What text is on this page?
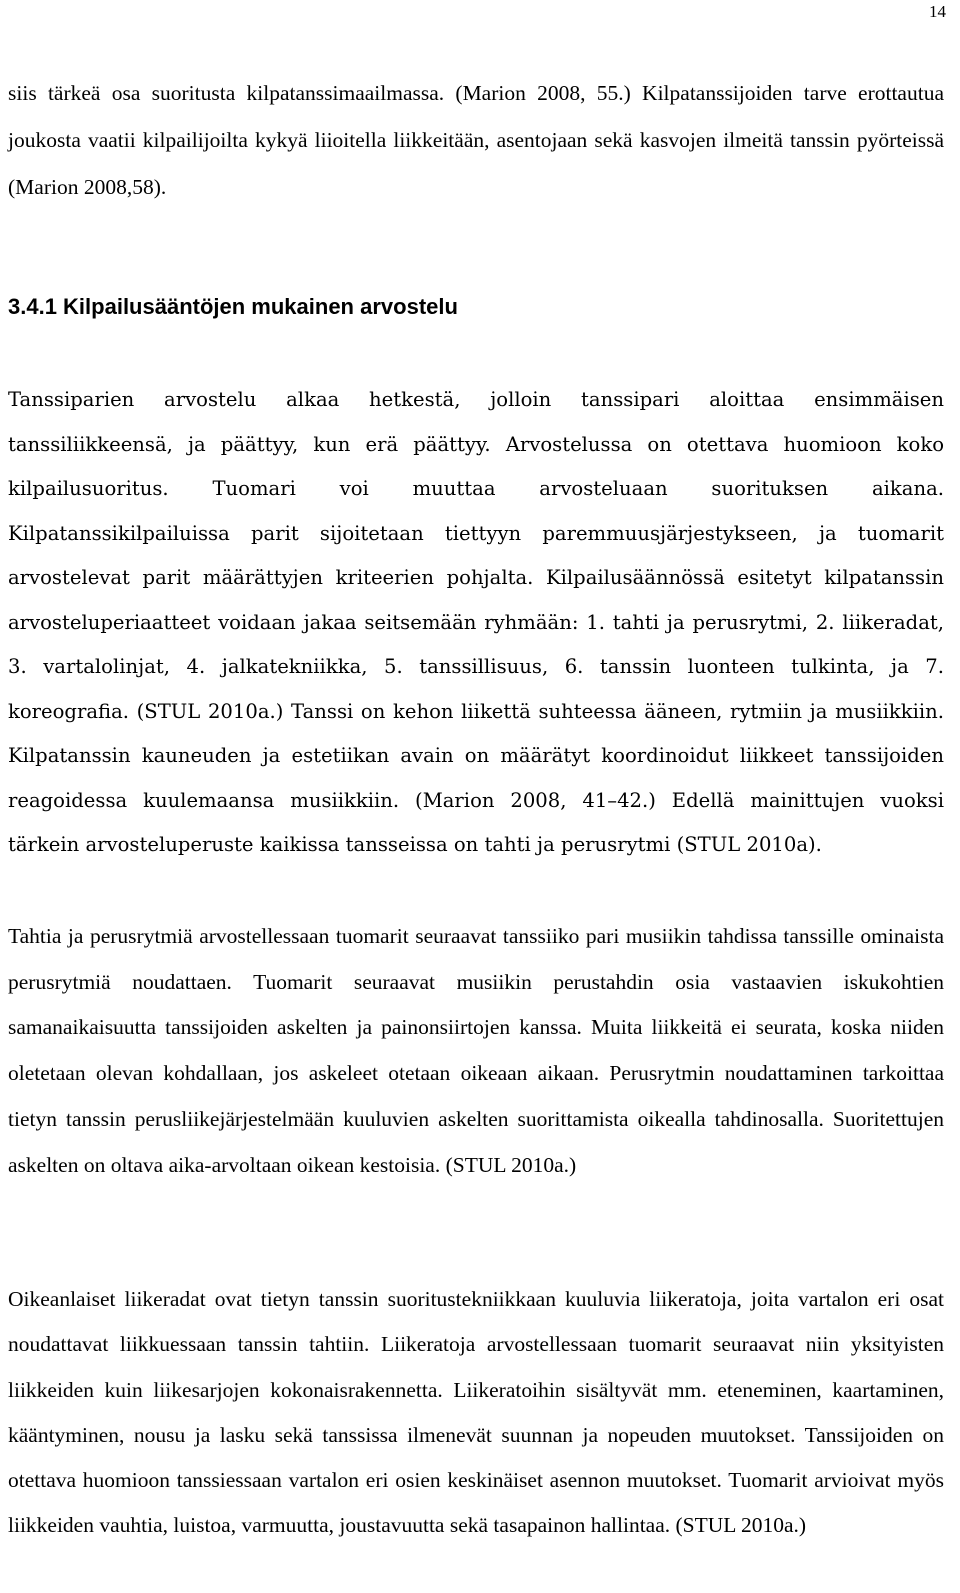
14

siis tärkeä osa suoritusta kilpatanssimaailmassa. (Marion 2008, 55.) Kilpatanssijoiden tarve erottautua joukosta vaatii kilpailijoilta kykyä liioitella liikkeitään, asentojaan sekä kasvojen ilmeitä tanssin pyörteissä (Marion 2008,58).

3.4.1 Kilpailusääntöjen mukainen arvostelu

Tanssiparien arvostelu alkaa hetkestä, jolloin tanssipari aloittaa ensimmäisen tanssiliikkeensä, ja päättyy, kun erä päättyy. Arvostelussa on otettava huomioon koko kilpailusuoritus. Tuomari voi muuttaa arvosteluaan suorituksen aikana. Kilpatanssikilpailuissa parit sijoitetaan tiettyyn paremmuusjärjestykseen, ja tuomarit arvostelevat parit määrättyjen kriteerien pohjalta. Kilpailusäännössä esitetyt kilpatanssin arvosteluperiaatteet voidaan jakaa seitsemään ryhmään: 1. tahti ja perusrytmi, 2. liikeradat, 3. vartalolinjat, 4. jalkatekniikka, 5. tanssillisuus, 6. tanssin luonteen tulkinta, ja 7. koreografia. (STUL 2010a.) Tanssi on kehon liikettä suhteessa ääneen, rytmiin ja musiikkiin. Kilpatanssin kauneuden ja estetiikan avain on määrätyt koordinoidut liikkeet tanssijoiden reagoidessa kuulemaansa musiikkiin. (Marion 2008, 41–42.) Edellä mainittujen vuoksi tärkein arvosteluperuste kaikissa tansseissa on tahti ja perusrytmi (STUL 2010a).

Tahtia ja perusrytmiä arvostellessaan tuomarit seuraavat tanssiiko pari musiikin tahdissa tanssille ominaista perusrytmiä noudattaen. Tuomarit seuraavat musiikin perustahdin osia vastaavien iskukohtien samanaikaisuutta tanssijoiden askelten ja painonsiirtojen kanssa. Muita liikkeitä ei seurata, koska niiden oletetaan olevan kohdallaan, jos askeleet otetaan oikeaan aikaan. Perusrytmin noudattaminen tarkoittaa tietyn tanssin perusliikejärjestelmään kuuluvien askelten suorittamista oikealla tahdinosalla. Suoritettujen askelten on oltava aika-arvoltaan oikean kestoisia. (STUL 2010a.)

Oikeanlaiset liikeradat ovat tietyn tanssin suoritustekniikkaan kuuluvia liikeratoja, joita vartalon eri osat noudattavat liikkuessaan tanssin tahtiin. Liikeratoja arvostellessaan tuomarit seuraavat niin yksityisten liikkeiden kuin liikesarjojen kokonaisrakennetta. Liikeratoihin sisältyvät mm. eteneminen, kaartaminen, kääntyminen, nousu ja lasku sekä tanssissa ilmenevät suunnan ja nopeuden muutokset. Tanssijoiden on otettava huomioon tanssiessaan vartalon eri osien keskinäiset asennon muutokset. Tuomarit arvioivat myös liikkeiden vauhtia, luistoa, varmuutta, joustavuutta sekä tasapainon hallintaa. (STUL 2010a.)
